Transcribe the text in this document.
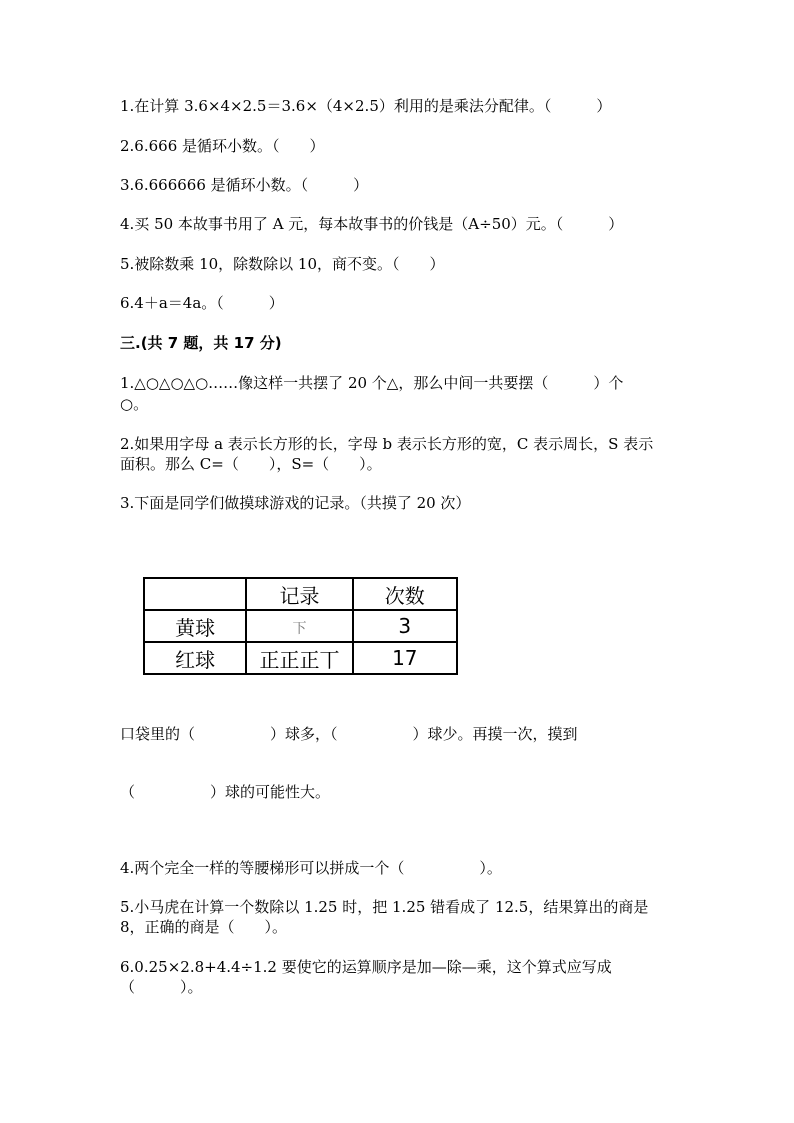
1.在计算 3.6×4×2.5＝3.6×（4×2.5）利用的是乘法分配律。（　　　）
2.6.666 是循环小数。（　　）
3.6.666666 是循环小数。（　　　）
4.买 50 本故事书用了 A 元，每本故事书的价钱是（A÷50）元。（　　　）
5.被除数乘 10，除数除以 10，商不变。（　　）
6.4＋a＝4a。（　　　）
三.(共 7 题，共 17 分)
1.△○△○△○……像这样一共摆了 20 个△，那么中间一共要摆（　　　）个
○。
2.如果用字母 a 表示长方形的长，字母 b 表示长方形的宽，C 表示周长，S 表示
面积。那么 C=（　　），S=（　　）。
3.下面是同学们做摸球游戏的记录。（共摸了 20 次）
	记录	次数
黄球	下	3
红球	正正正丅	17
口袋里的（　　　　　）球多，（　　　　　）球少。再摸一次，摸到
（　　　　　）球的可能性大。
4.两个完全一样的等腰梯形可以拼成一个（　　　　　）。
5.小马虎在计算一个数除以 1.25 时，把 1.25 错看成了 12.5，结果算出的商是
8，正确的商是（　　）。
6.0.25×2.8+4.4÷1.2 要使它的运算顺序是加—除—乘，这个算式应写成
（　　　）。
